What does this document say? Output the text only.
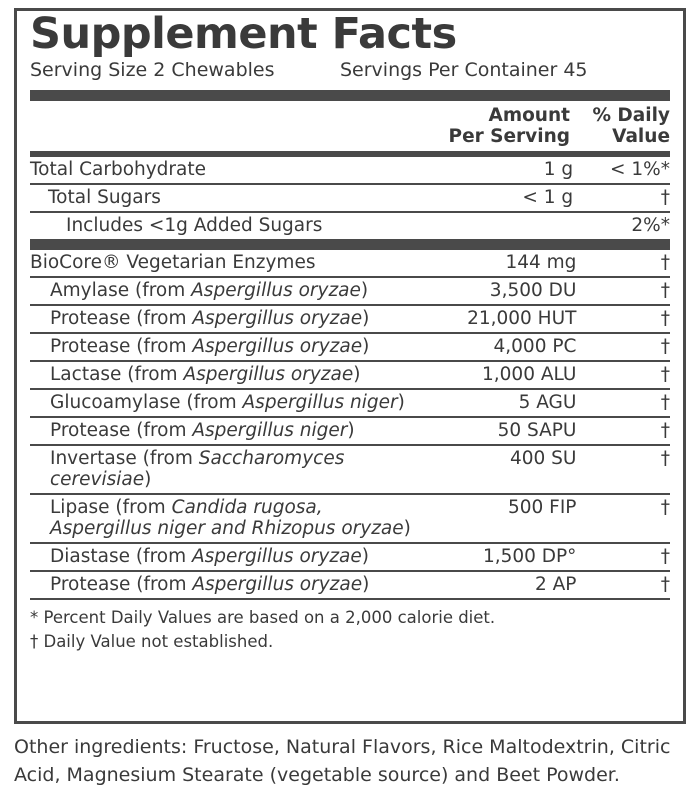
Supplement Facts
Serving Size 2 Chewables	Servings Per Container 45
Amount
Per Serving
% Daily
Value
Total Carbohydrate	1 g	< 1%*
Total Sugars	< 1 g	†
Includes <1g Added Sugars		2%*
BioCore® Vegetarian Enzymes	144 mg	†
Amylase (from Aspergillus oryzae)	3,500 DU	†
Protease (from Aspergillus oryzae)	21,000 HUT	†
Protease (from Aspergillus oryzae)	4,000 PC	†
Lactase (from Aspergillus oryzae)	1,000 ALU	†
Glucoamylase (from Aspergillus niger)	5 AGU	†
Protease (from Aspergillus niger)	50 SAPU	†
Invertase (from Saccharomyces cerevisiae)	400 SU	†
Lipase (from Candida rugosa, Aspergillus niger and Rhizopus oryzae)	500 FIP	†
Diastase (from Aspergillus oryzae)	1,500 DP°	†
Protease (from Aspergillus oryzae)	2 AP	†
* Percent Daily Values are based on a 2,000 calorie diet.
† Daily Value not established.
Other ingredients: Fructose, Natural Flavors, Rice Maltodextrin, Citric Acid, Magnesium Stearate (vegetable source) and Beet Powder.
